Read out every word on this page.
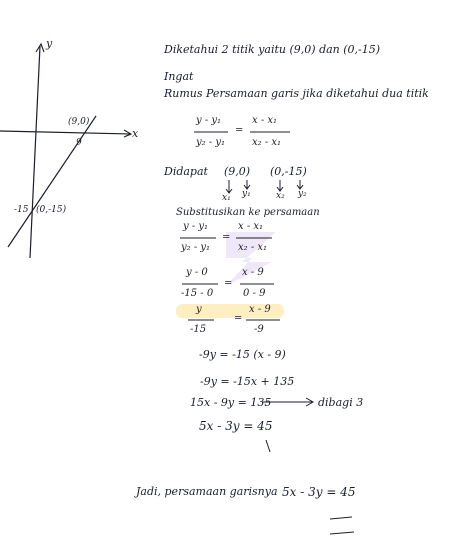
y
x
(9,0)
9
-15 (0,-15)
Diketahui 2 titik yaitu (9,0) dan (0,-15)
Ingat
Rumus Persamaan garis jika diketahui dua titik
y - y₁
y₂ - y₁
=
x - x₁
x₂ - x₁
Didapat (9,0) (0,-15)
x₁ y₁	x₂ y₂
Substitusikan ke persamaan
y - y₁
y₂ - y₁
=
x - x₁
x₂ - x₁
y - 0
-15 - 0
=
x - 9
0 - 9
y
-15
=
x - 9
-9
-9y = -15 (x - 9)
-9y = -15x + 135
15x - 9y = 135	dibagi 3
5x - 3y = 45
Jadi, persamaan garisnya 5x - 3y = 45
